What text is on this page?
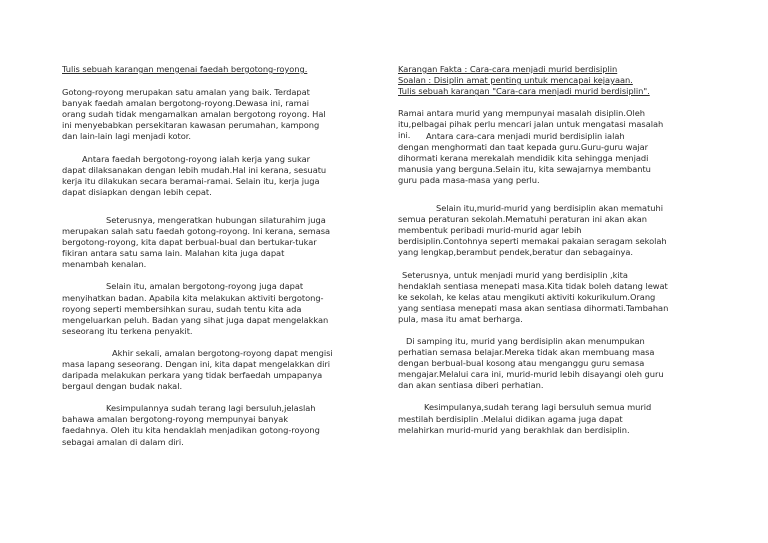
Tulis sebuah karangan mengenai faedah bergotong-royong.
Gotong-royong merupakan satu amalan yang baik. Terdapat
banyak faedah amalan bergotong-royong.Dewasa ini, ramai
orang sudah tidak mengamalkan amalan bergotong royong. Hal
ini menyebabkan persekitaran kawasan perumahan, kampong
dan lain-lain lagi menjadi kotor.
Antara faedah bergotong-royong ialah kerja yang sukar
dapat dilaksanakan dengan lebih mudah.Hal ini kerana, sesuatu
kerja itu dilakukan secara beramai-ramai. Selain itu, kerja juga
dapat disiapkan dengan lebih cepat.
Seterusnya, mengeratkan hubungan silaturahim juga
merupakan salah satu faedah gotong-royong. Ini kerana, semasa
bergotong-royong, kita dapat berbual-bual dan bertukar-tukar
fikiran antara satu sama lain. Malahan kita juga dapat
menambah kenalan.
Selain itu, amalan bergotong-royong juga dapat
menyihatkan badan. Apabila kita melakukan aktiviti bergotong-
royong seperti membersihkan surau, sudah tentu kita ada
mengeluarkan peluh. Badan yang sihat juga dapat mengelakkan
seseorang itu terkena penyakit.
Akhir sekali, amalan bergotong-royong dapat mengisi
masa lapang seseorang. Dengan ini, kita dapat mengelakkan diri
daripada melakukan perkara yang tidak berfaedah umpapanya
bergaul dengan budak nakal.
Kesimpulannya sudah terang lagi bersuluh,jelaslah
bahawa amalan bergotong-royong mempunyai banyak
faedahnya. Oleh itu kita hendaklah menjadikan gotong-royong
sebagai amalan di dalam diri.
Karangan Fakta : Cara-cara menjadi murid berdisiplin
Soalan : Disiplin amat penting untuk mencapai kejayaan.
Tulis sebuah karangan "Cara-cara menjadi murid berdisiplin".
Ramai antara murid yang mempunyai masalah disiplin.Oleh
itu,pelbagai pihak perlu mencari jalan untuk mengatasi masalah
ini.	Antara cara-cara menjadi murid berdisiplin ialah
dengan menghormati dan taat kepada guru.Guru-guru wajar
dihormati kerana merekalah mendidik kita sehingga menjadi
manusia yang berguna.Selain itu, kita sewajarnya membantu
guru pada masa-masa yang perlu.
Selain itu,murid-murid yang berdisiplin akan mematuhi
semua peraturan sekolah.Mematuhi peraturan ini akan akan
membentuk peribadi murid-murid agar lebih
berdisiplin.Contohnya seperti memakai pakaian seragam sekolah
yang lengkap,berambut pendek,beratur dan sebagainya.
Seterusnya, untuk menjadi murid yang berdisiplin ,kita
hendaklah sentiasa menepati masa.Kita tidak boleh datang lewat
ke sekolah, ke kelas atau mengikuti aktiviti kokurikulum.Orang
yang sentiasa menepati masa akan sentiasa dihormati.Tambahan
pula, masa itu amat berharga.
Di samping itu, murid yang berdisiplin akan menumpukan
perhatian semasa belajar.Mereka tidak akan membuang masa
dengan berbual-bual kosong atau menganggu guru semasa
mengajar.Melalui cara ini, murid-murid lebih disayangi oleh guru
dan akan sentiasa diberi perhatian.
Kesimpulanya,sudah terang lagi bersuluh semua murid
mestilah berdisiplin .Melalui didikan agama juga dapat
melahirkan murid-murid yang berakhlak dan berdisiplin.
